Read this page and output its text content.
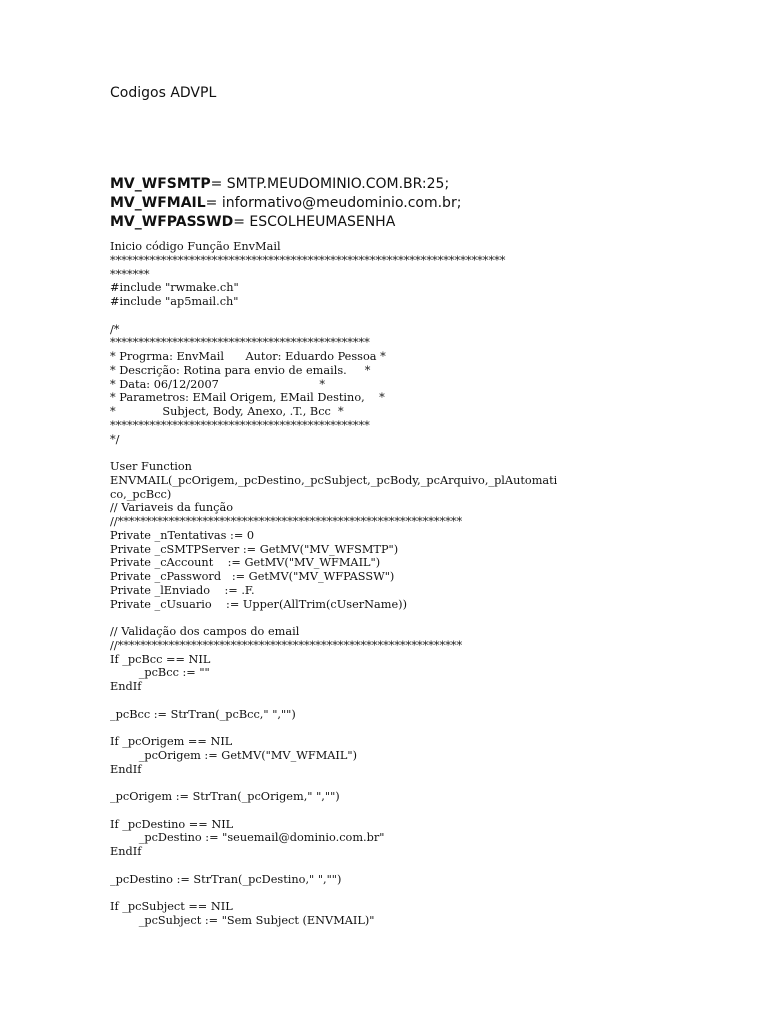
Codigos ADVPL
MV_WFSMTP= SMTP.MEUDOMINIO.COM.BR:25;
MV_WFMAIL= informativo@meudominio.com.br;
MV_WFPASSWD= ESCOLHEUMASENHA
Inicio código Função EnvMail
**********************************************************************
*******
#include "rwmake.ch"
#include "ap5mail.ch"
/*
**********************************************
* Progrma: EnvMail      Autor: Eduardo Pessoa *
* Descrição: Rotina para envio de emails.     *
* Data: 06/12/2007                            *
* Parametros: EMail Origem, EMail Destino,    *
*             Subject, Body, Anexo, .T., Bcc  *
**********************************************
*/
User Function
ENVMAIL(_pcOrigem,_pcDestino,_pcSubject,_pcBody,_pcArquivo,_plAutomati
co,_pcBcc)
// Variaveis da função
//*************************************************************
Private _nTentativas := 0
Private _cSMTPServer := GetMV("MV_WFSMTP")
Private _cAccount    := GetMV("MV_WFMAIL")
Private _cPassword   := GetMV("MV_WFPASSW")
Private _lEnviado    := .F.
Private _cUsuario    := Upper(AllTrim(cUserName))
// Validação dos campos do email
//*************************************************************
If _pcBcc == NIL
_pcBcc := ""
EndIf
_pcBcc := StrTran(_pcBcc," ","")
If _pcOrigem == NIL
_pcOrigem := GetMV("MV_WFMAIL")
EndIf
_pcOrigem := StrTran(_pcOrigem," ","")
If _pcDestino == NIL
_pcDestino := "seuemail@dominio.com.br"
EndIf
_pcDestino := StrTran(_pcDestino," ","")
If _pcSubject == NIL
_pcSubject := "Sem Subject (ENVMAIL)"
